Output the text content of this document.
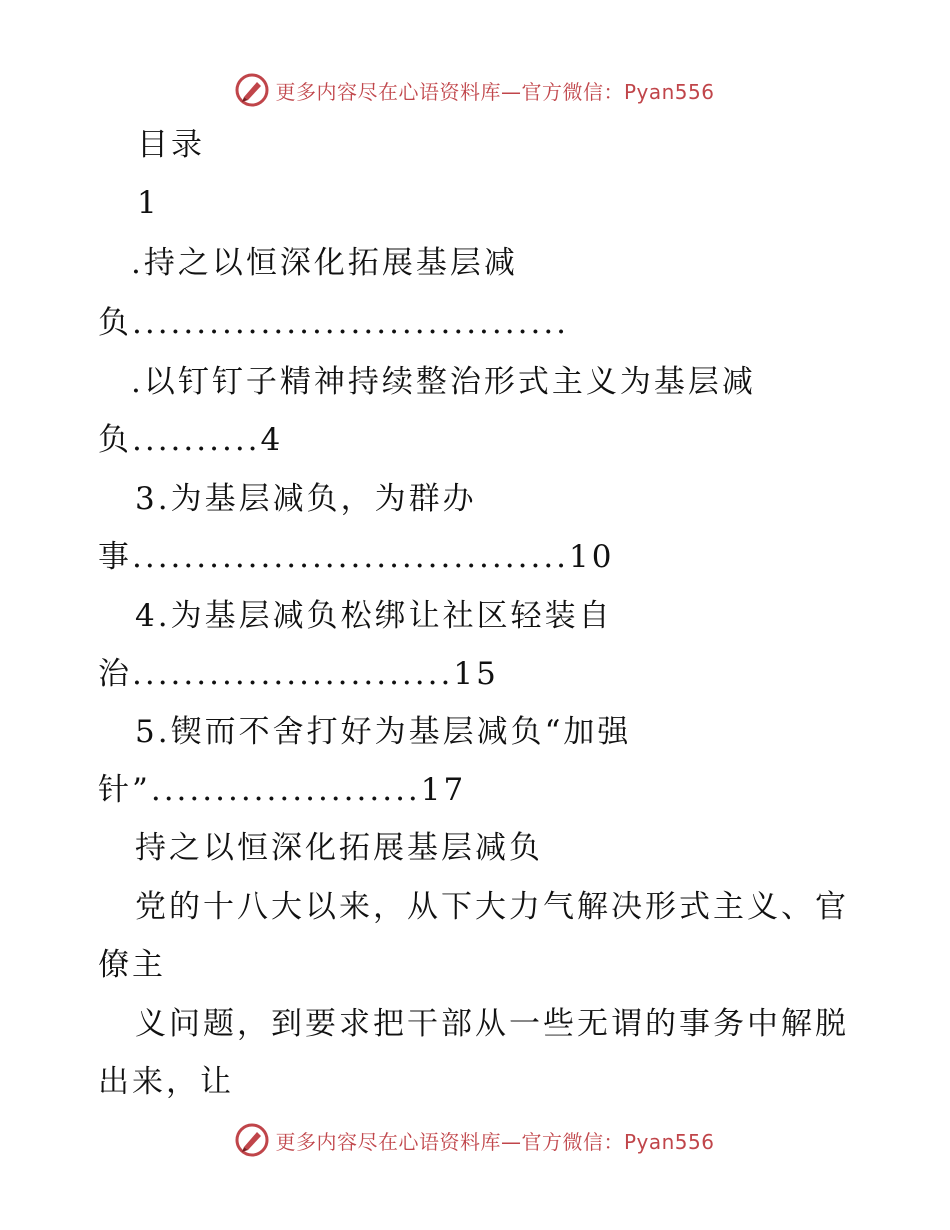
更多内容尽在心语资料库—官方微信：Pyan556
目录
1
.持之以恒深化拓展基层减
负..................................
.以钉钉子精神持续整治形式主义为基层减
负..........4
3.为基层减负，为群办
事..................................10
4.为基层减负松绑让社区轻装自
治.........................15
5.锲而不舍打好为基层减负“加强
针”.....................17
持之以恒深化拓展基层减负
党的十八大以来，从下大力气解决形式主义、官
僚主
义问题，到要求把干部从一些无谓的事务中解脱
出来，让
更多内容尽在心语资料库—官方微信：Pyan556
